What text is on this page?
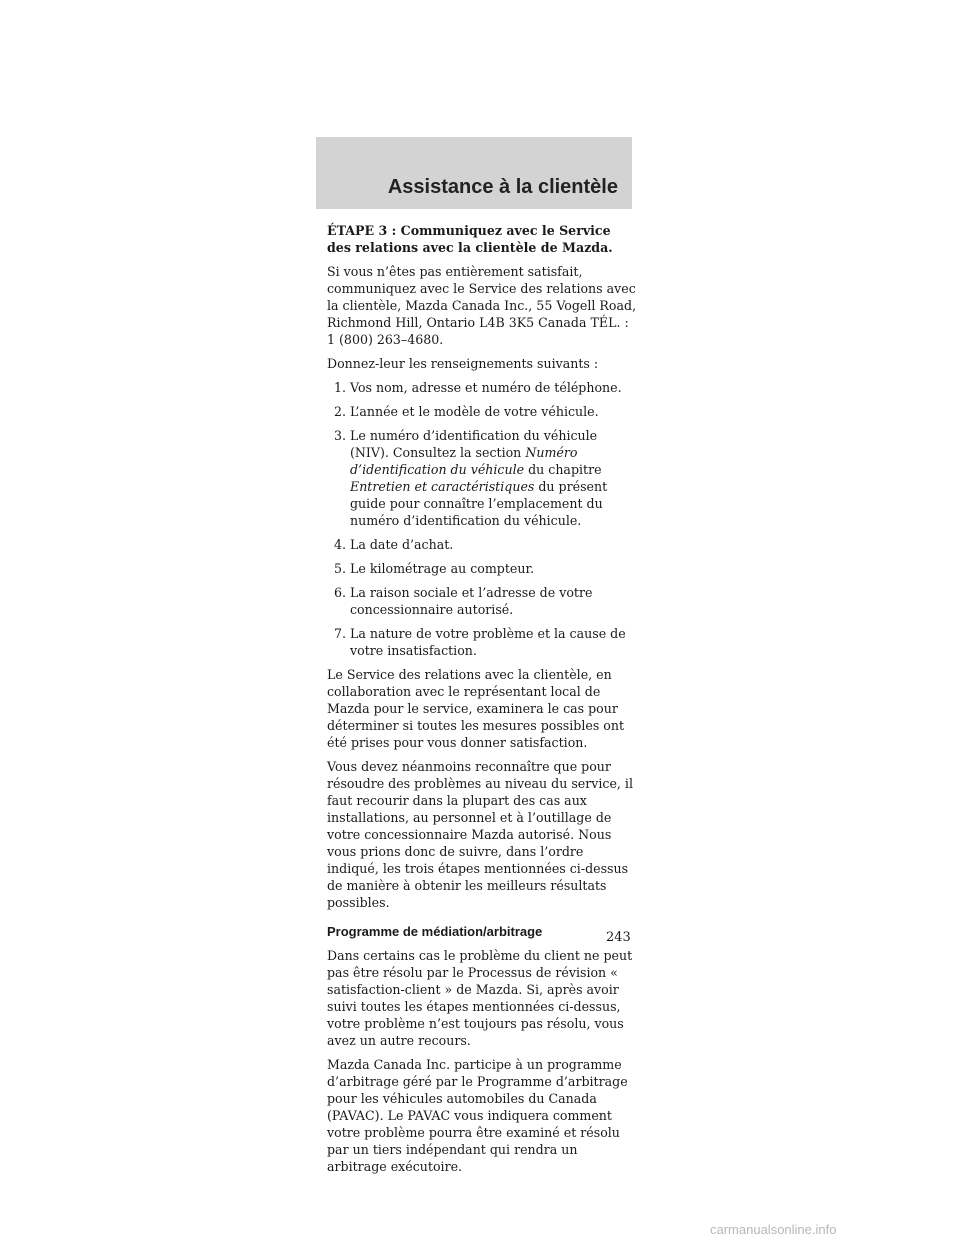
Assistance à la clientèle

ÉTAPE 3 : Communiquez avec le Service des relations avec la clientèle de Mazda.

Si vous n’êtes pas entièrement satisfait, communiquez avec le Service des relations avec la clientèle, Mazda Canada Inc., 55 Vogell Road, Richmond Hill, Ontario L4B 3K5 Canada TÉL. : 1 (800) 263–4680.

Donnez-leur les renseignements suivants :

1. Vos nom, adresse et numéro de téléphone.
2. L’année et le modèle de votre véhicule.
3. Le numéro d’identification du véhicule (NIV). Consultez la section Numéro d’identification du véhicule du chapitre Entretien et caractéristiques du présent guide pour connaître l’emplacement du numéro d’identification du véhicule.
4. La date d’achat.
5. Le kilométrage au compteur.
6. La raison sociale et l’adresse de votre concessionnaire autorisé.
7. La nature de votre problème et la cause de votre insatisfaction.

Le Service des relations avec la clientèle, en collaboration avec le représentant local de Mazda pour le service, examinera le cas pour déterminer si toutes les mesures possibles ont été prises pour vous donner satisfaction.

Vous devez néanmoins reconnaître que pour résoudre des problèmes au niveau du service, il faut recourir dans la plupart des cas aux installations, au personnel et à l’outillage de votre concessionnaire Mazda autorisé. Nous vous prions donc de suivre, dans l’ordre indiqué, les trois étapes mentionnées ci-dessus de manière à obtenir les meilleurs résultats possibles.

Programme de médiation/arbitrage

Dans certains cas le problème du client ne peut pas être résolu par le Processus de révision « satisfaction-client » de Mazda. Si, après avoir suivi toutes les étapes mentionnées ci-dessus, votre problème n’est toujours pas résolu, vous avez un autre recours.

Mazda Canada Inc. participe à un programme d’arbitrage géré par le Programme d’arbitrage pour les véhicules automobiles du Canada (PAVAC). Le PAVAC vous indiquera comment votre problème pourra être examiné et résolu par un tiers indépendant qui rendra un arbitrage exécutoire.

243
carmanualsonline.info
